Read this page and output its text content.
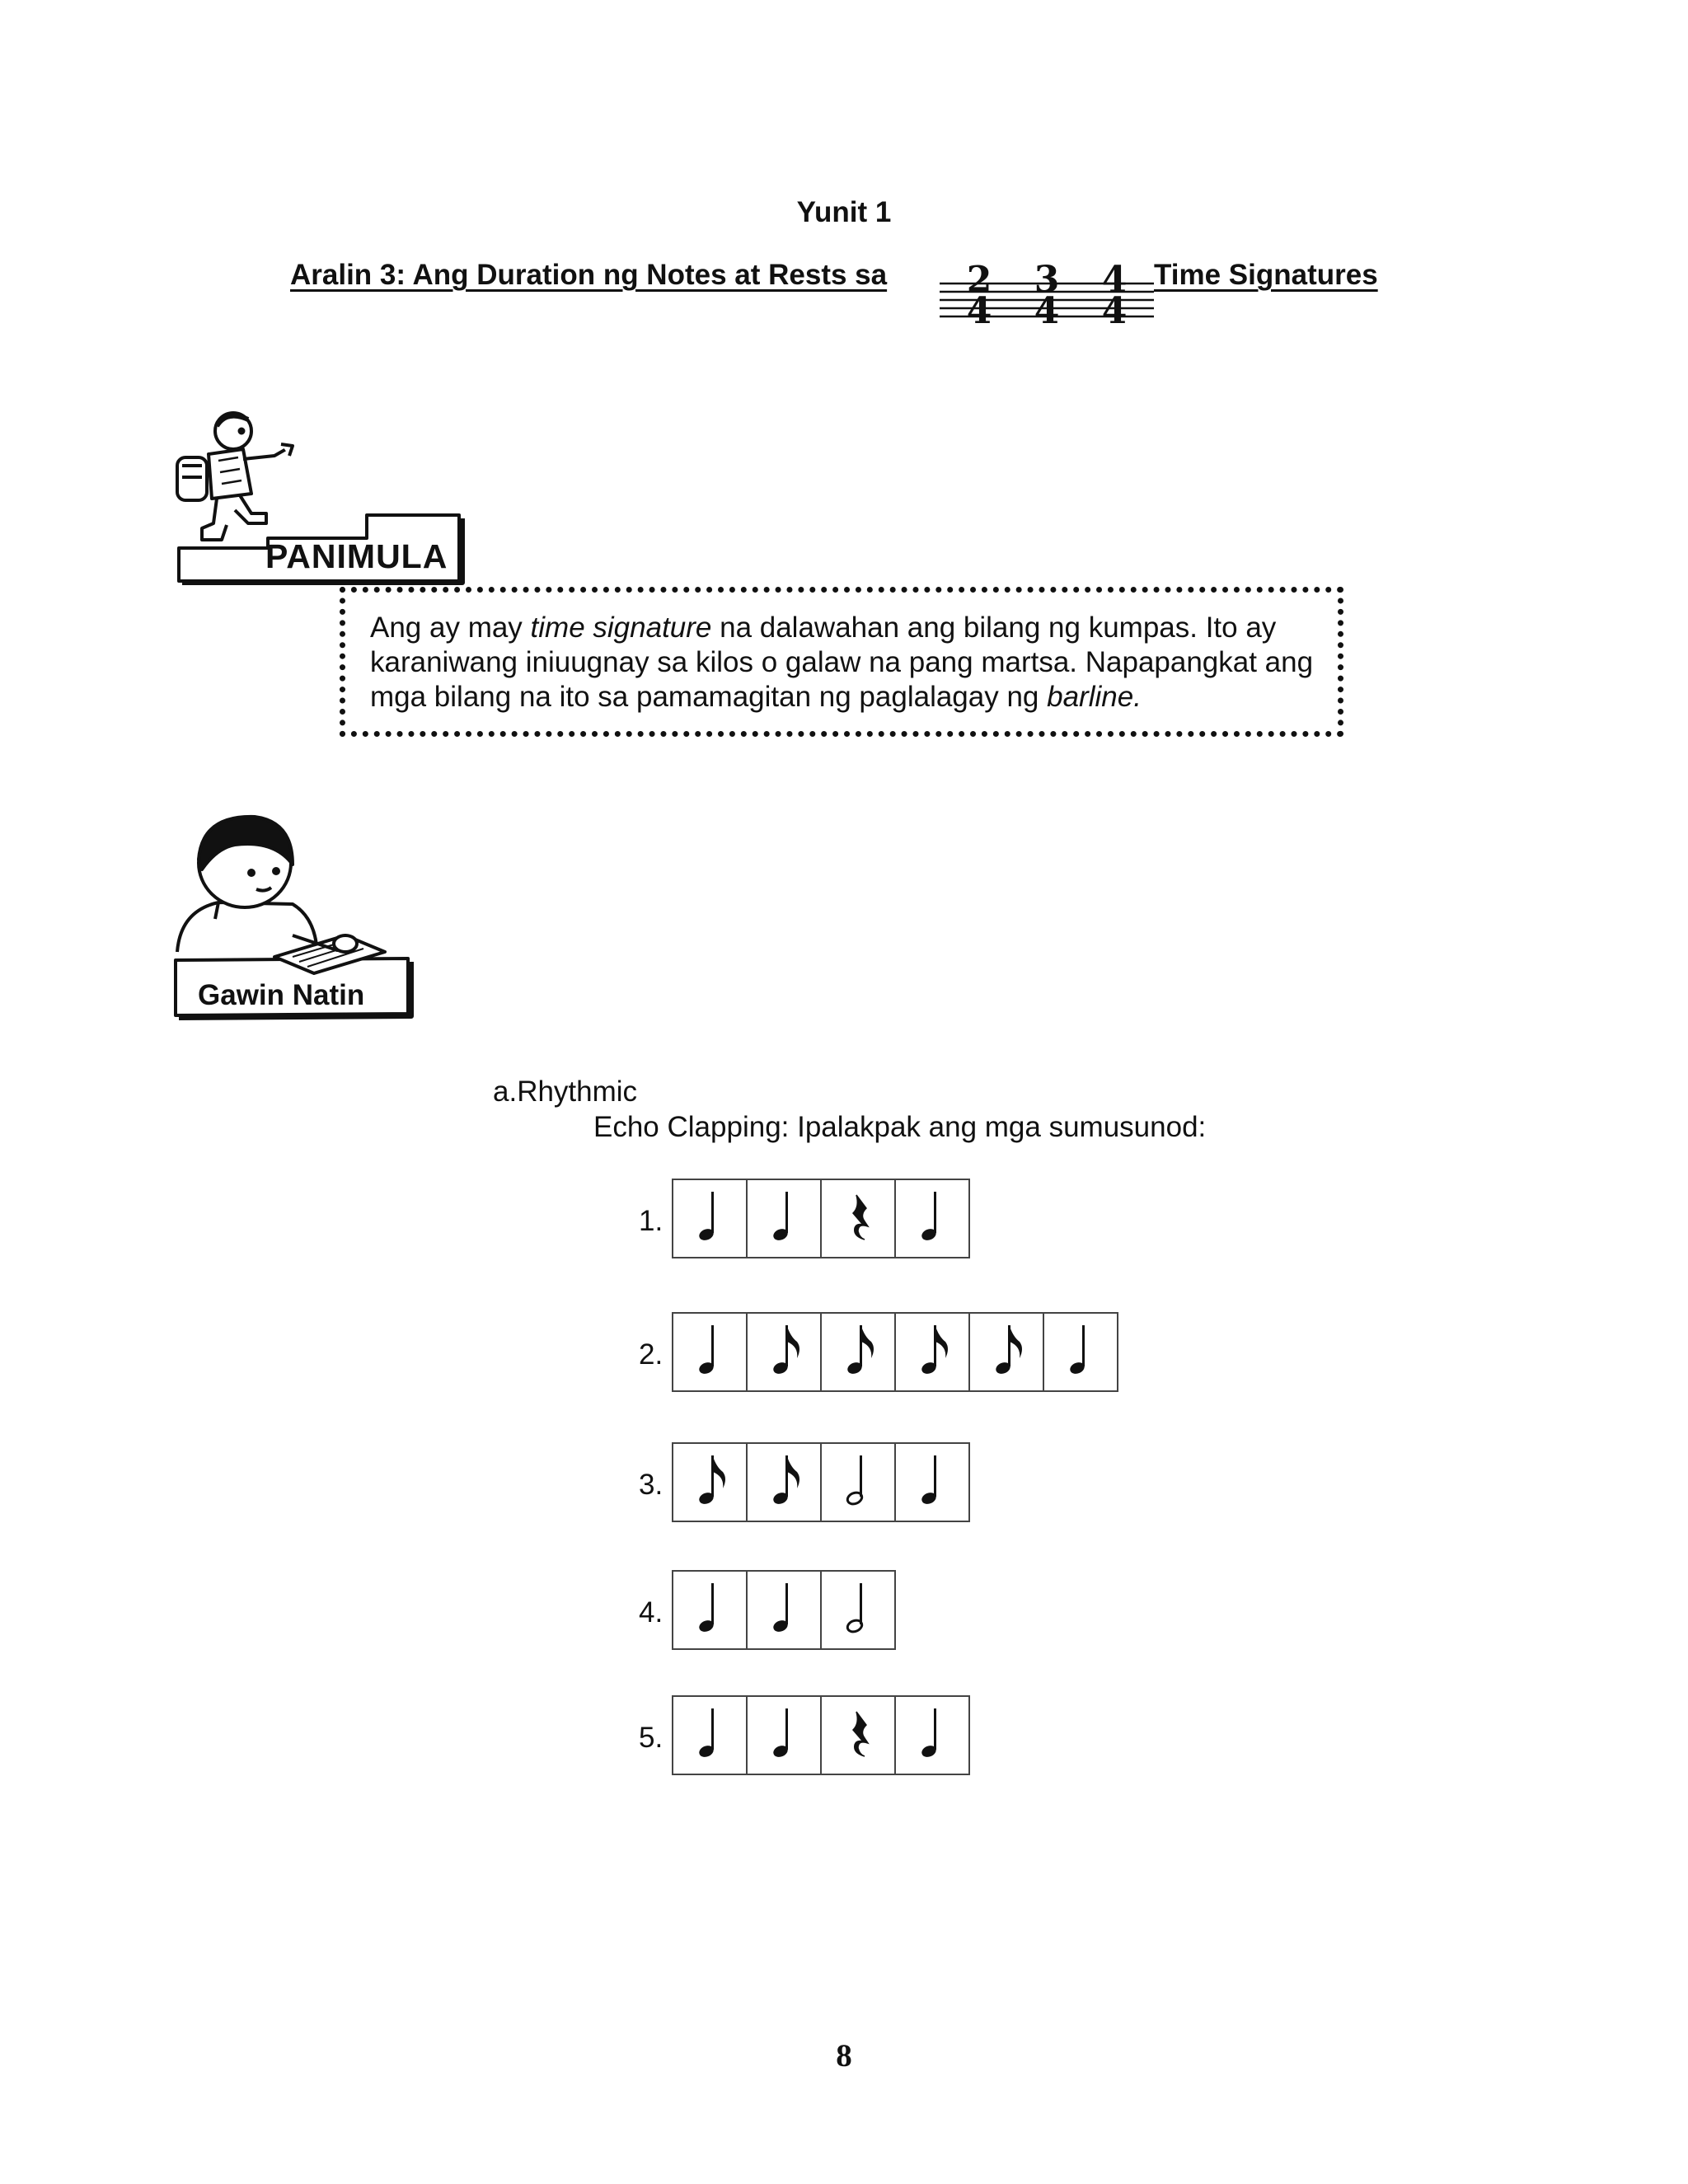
Yunit 1
Aralin 3: Ang Duration ng Notes at Rests sa	2
4
3
4
4
4
Time Signatures
PANIMULA

Ang ay may time signature na dalawahan ang bilang ng kumpas. Ito ay karaniwang iniuugnay sa kilos o galaw na pang martsa. Napapangkat ang mga bilang na ito sa pamamagitan ng paglalagay ng barline.

Gawin Natin
a.Rhythmic
Echo Clapping: Ipalakpak ang mga sumusunod:
1.
2.
3.
4.
5.
8
